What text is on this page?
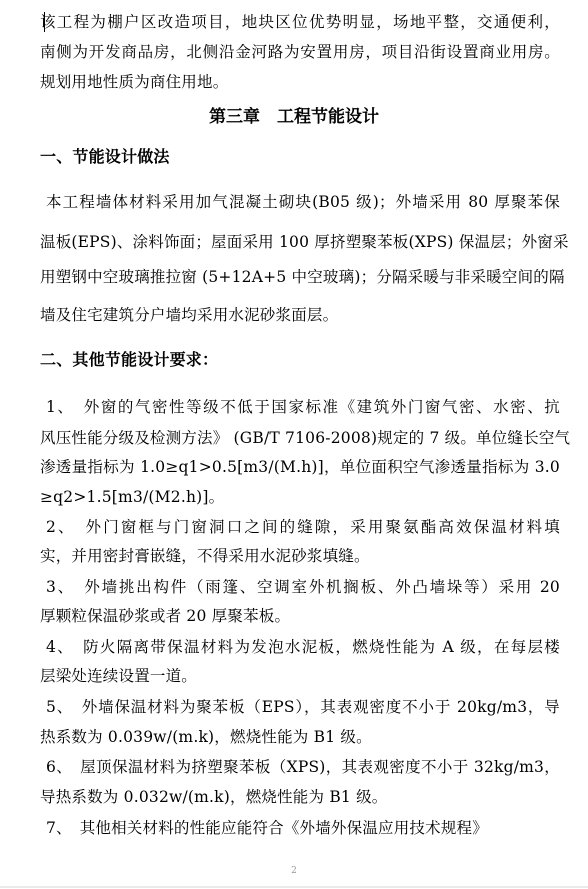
该工程为棚户区改造项目，地块区位优势明显，场地平整，交通便利，
南侧为开发商品房，北侧沿金河路为安置用房，项目沿街设置商业用房。
规划用地性质为商住用地。
第三章　工程节能设计
一、节能设计做法
本工程墙体材料采用加气混凝土砌块(B05 级)；外墙采用 80 厚聚苯保
温板(EPS)、涂料饰面；屋面采用 100 厚挤塑聚苯板(XPS) 保温层；外窗采
用塑钢中空玻璃推拉窗 (5+12A+5 中空玻璃)；分隔采暖与非采暖空间的隔
墙及住宅建筑分户墙均采用水泥砂浆面层。
二、其他节能设计要求：
1、　外窗的气密性等级不低于国家标准《建筑外门窗气密、水密、抗
风压性能分级及检测方法》 (GB/T 7106-2008)规定的 7 级。单位缝长空气
渗透量指标为 1.0≥q1>0.5[m3/(M.h)]，单位面积空气渗透量指标为 3.0
≥q2>1.5[m3/(M2.h)]。
2、　外门窗框与门窗洞口之间的缝隙，采用聚氨酯高效保温材料填
实，并用密封膏嵌缝，不得采用水泥砂浆填缝。
3、　外墙挑出构件（雨篷、空调室外机搁板、外凸墙垛等）采用 20
厚颗粒保温砂浆或者 20 厚聚苯板。
4、　防火隔离带保温材料为发泡水泥板，燃烧性能为 A 级，在每层楼
层梁处连续设置一道。
5、　外墙保温材料为聚苯板（EPS），其表观密度不小于 20kg/m3，导
热系数为 0.039w/(m.k)，燃烧性能为 B1 级。
6、　屋顶保温材料为挤塑聚苯板（XPS)，其表观密度不小于 32kg/m3，
导热系数为 0.032w/(m.k)，燃烧性能为 B1 级。
7、　其他相关材料的性能应能符合《外墙外保温应用技术规程》
2
